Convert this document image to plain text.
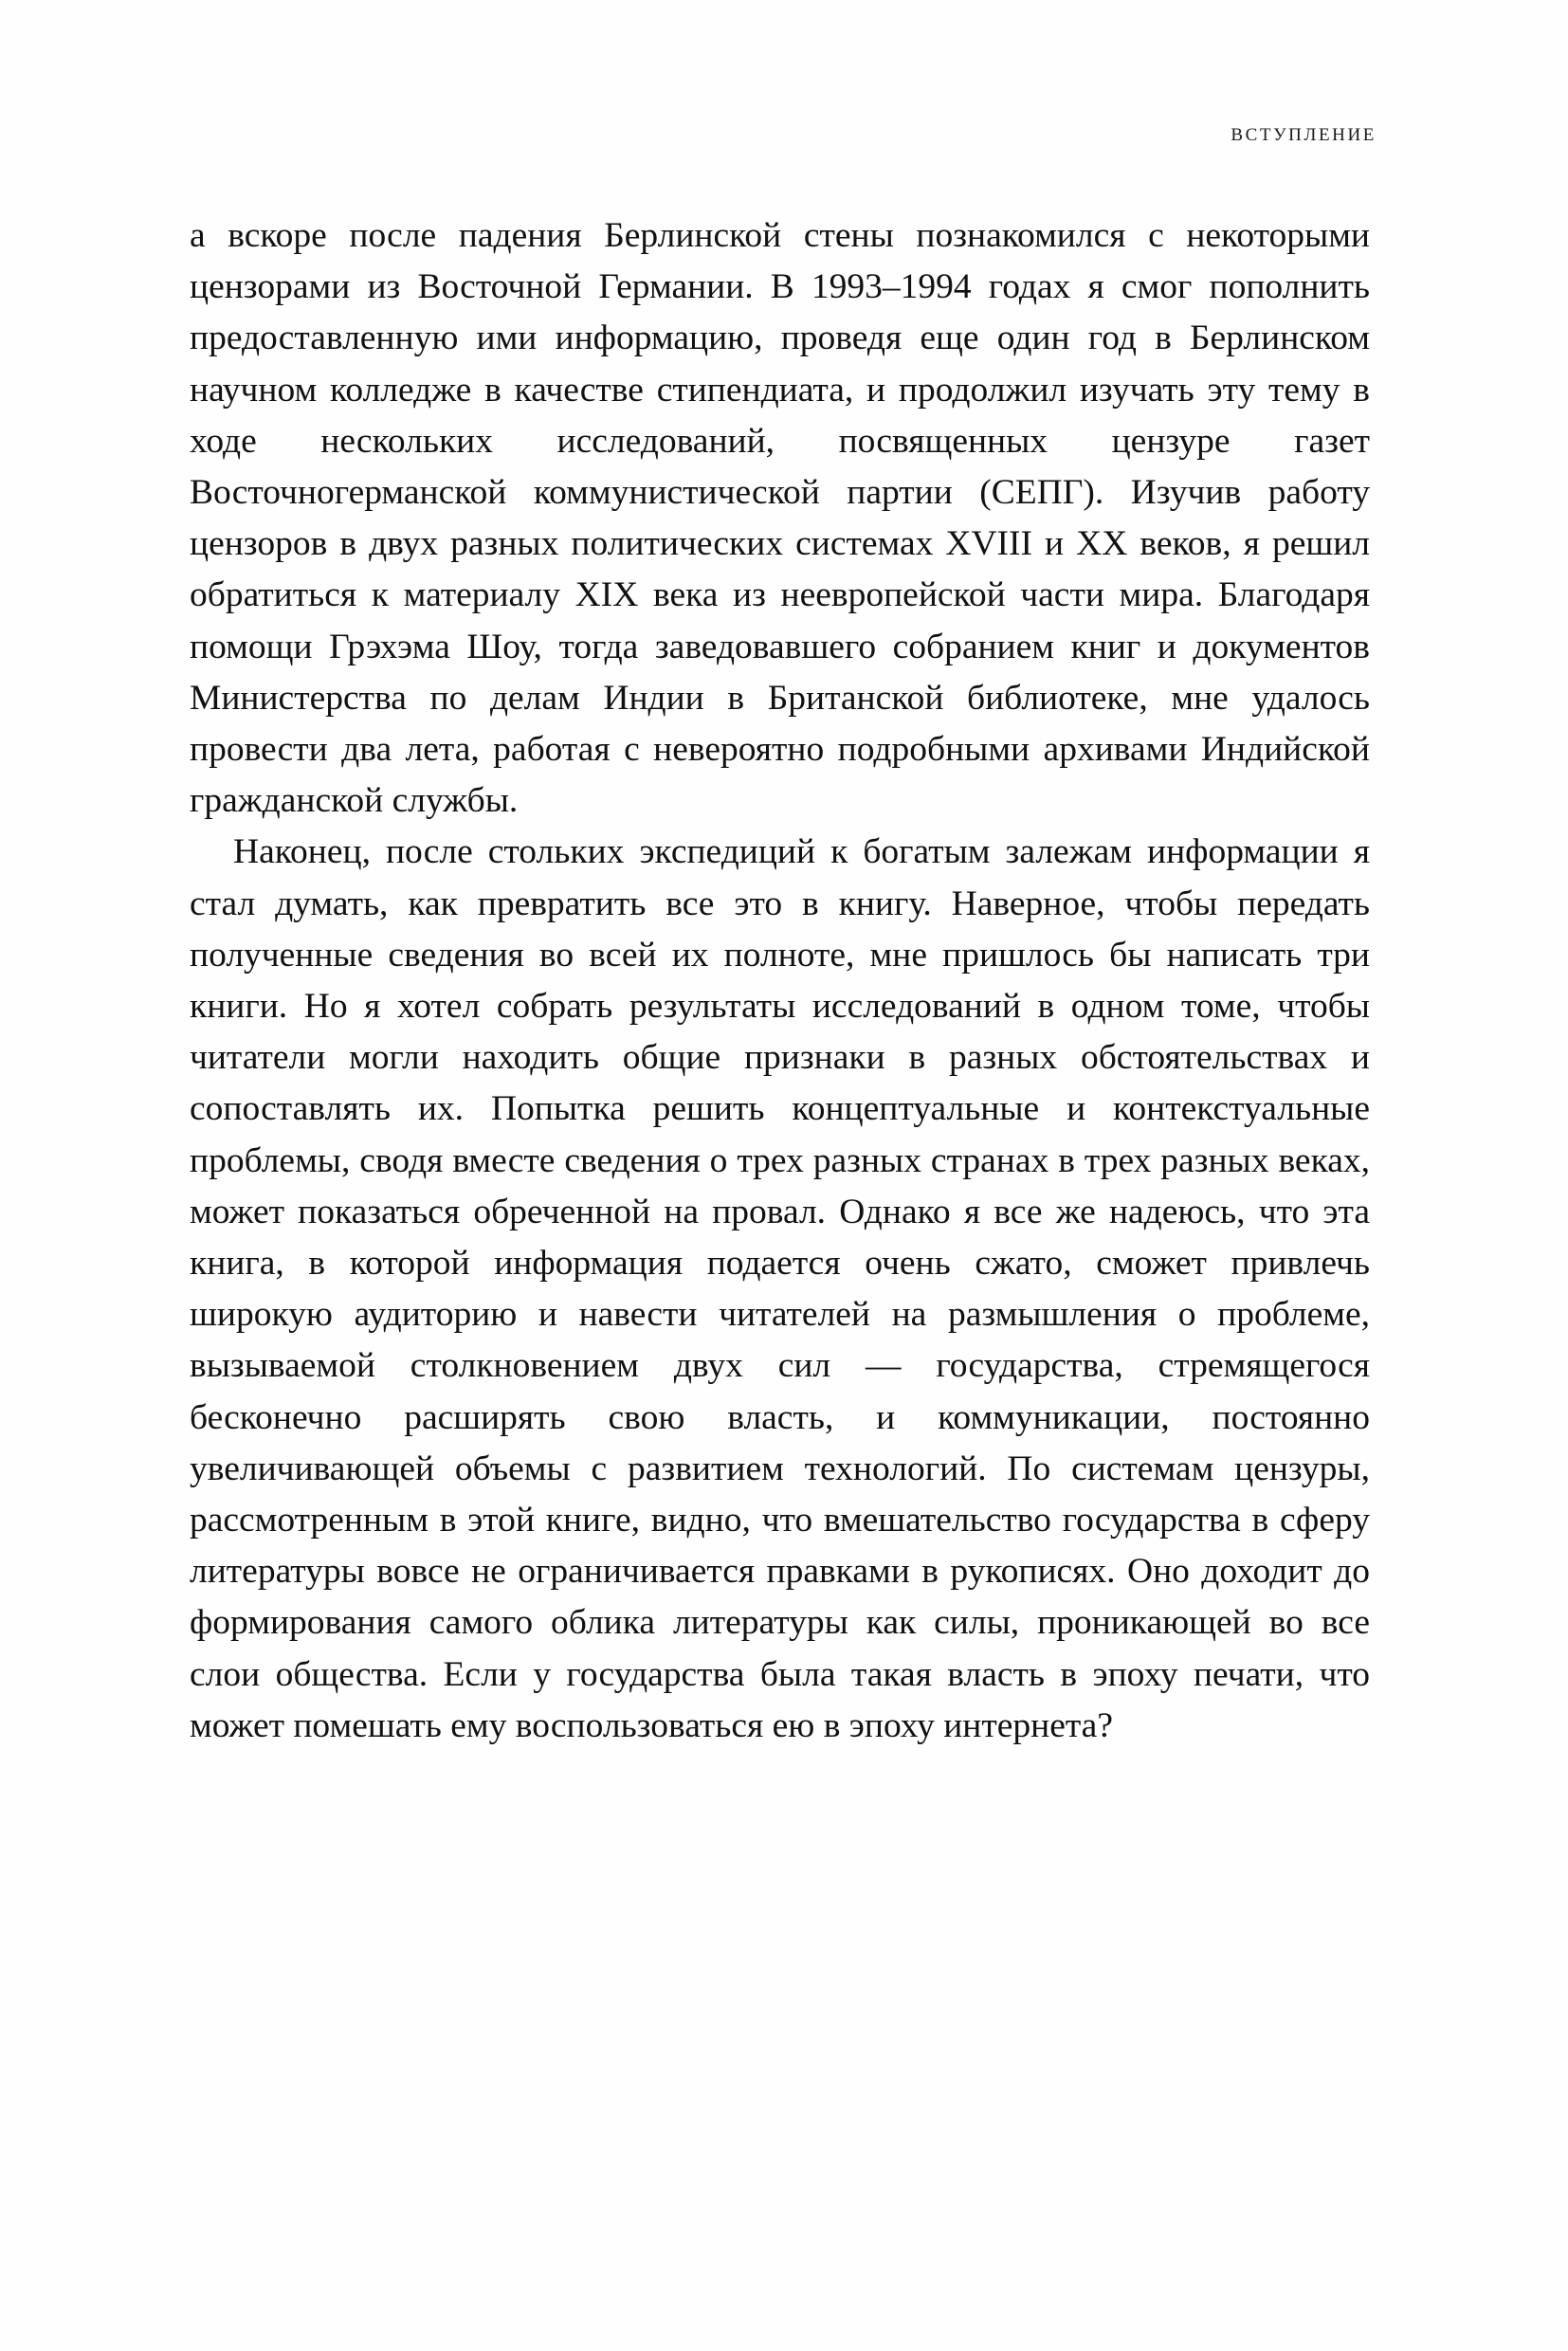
ВСТУПЛЕНИЕ

а вскоре после падения Берлинской стены познакомился с некоторыми цензорами из Восточной Германии. В 1993–1994 годах я смог пополнить предоставленную ими информацию, проведя еще один год в Берлинском научном колледже в качестве стипендиата, и продолжил изучать эту тему в ходе нескольких исследований, посвященных цензуре газет Восточногерманской коммунистической партии (СЕПГ). Изучив работу цензоров в двух разных политических системах XVIII и XX веков, я решил обратиться к материалу XIX века из неевропейской части мира. Благодаря помощи Грэхэма Шоу, тогда заведовавшего собранием книг и документов Министерства по делам Индии в Британской библиотеке, мне удалось провести два лета, работая с невероятно подробными архивами Индийской гражданской службы.

Наконец, после стольких экспедиций к богатым залежам информации я стал думать, как превратить все это в книгу. Наверное, чтобы передать полученные сведения во всей их полноте, мне пришлось бы написать три книги. Но я хотел собрать результаты исследований в одном томе, чтобы читатели могли находить общие признаки в разных обстоятельствах и сопоставлять их. Попытка решить концептуальные и контекстуальные проблемы, сводя вместе сведения о трех разных странах в трех разных веках, может показаться обреченной на провал. Однако я все же надеюсь, что эта книга, в которой информация подается очень сжато, сможет привлечь широкую аудиторию и навести читателей на размышления о проблеме, вызываемой столкновением двух сил — государства, стремящегося бесконечно расширять свою власть, и коммуникации, постоянно увеличивающей объемы с развитием технологий. По системам цензуры, рассмотренным в этой книге, видно, что вмешательство государства в сферу литературы вовсе не ограничивается правками в рукописях. Оно доходит до формирования самого облика литературы как силы, проникающей во все слои общества. Если у государства была такая власть в эпоху печати, что может помешать ему воспользоваться ею в эпоху интернета?
